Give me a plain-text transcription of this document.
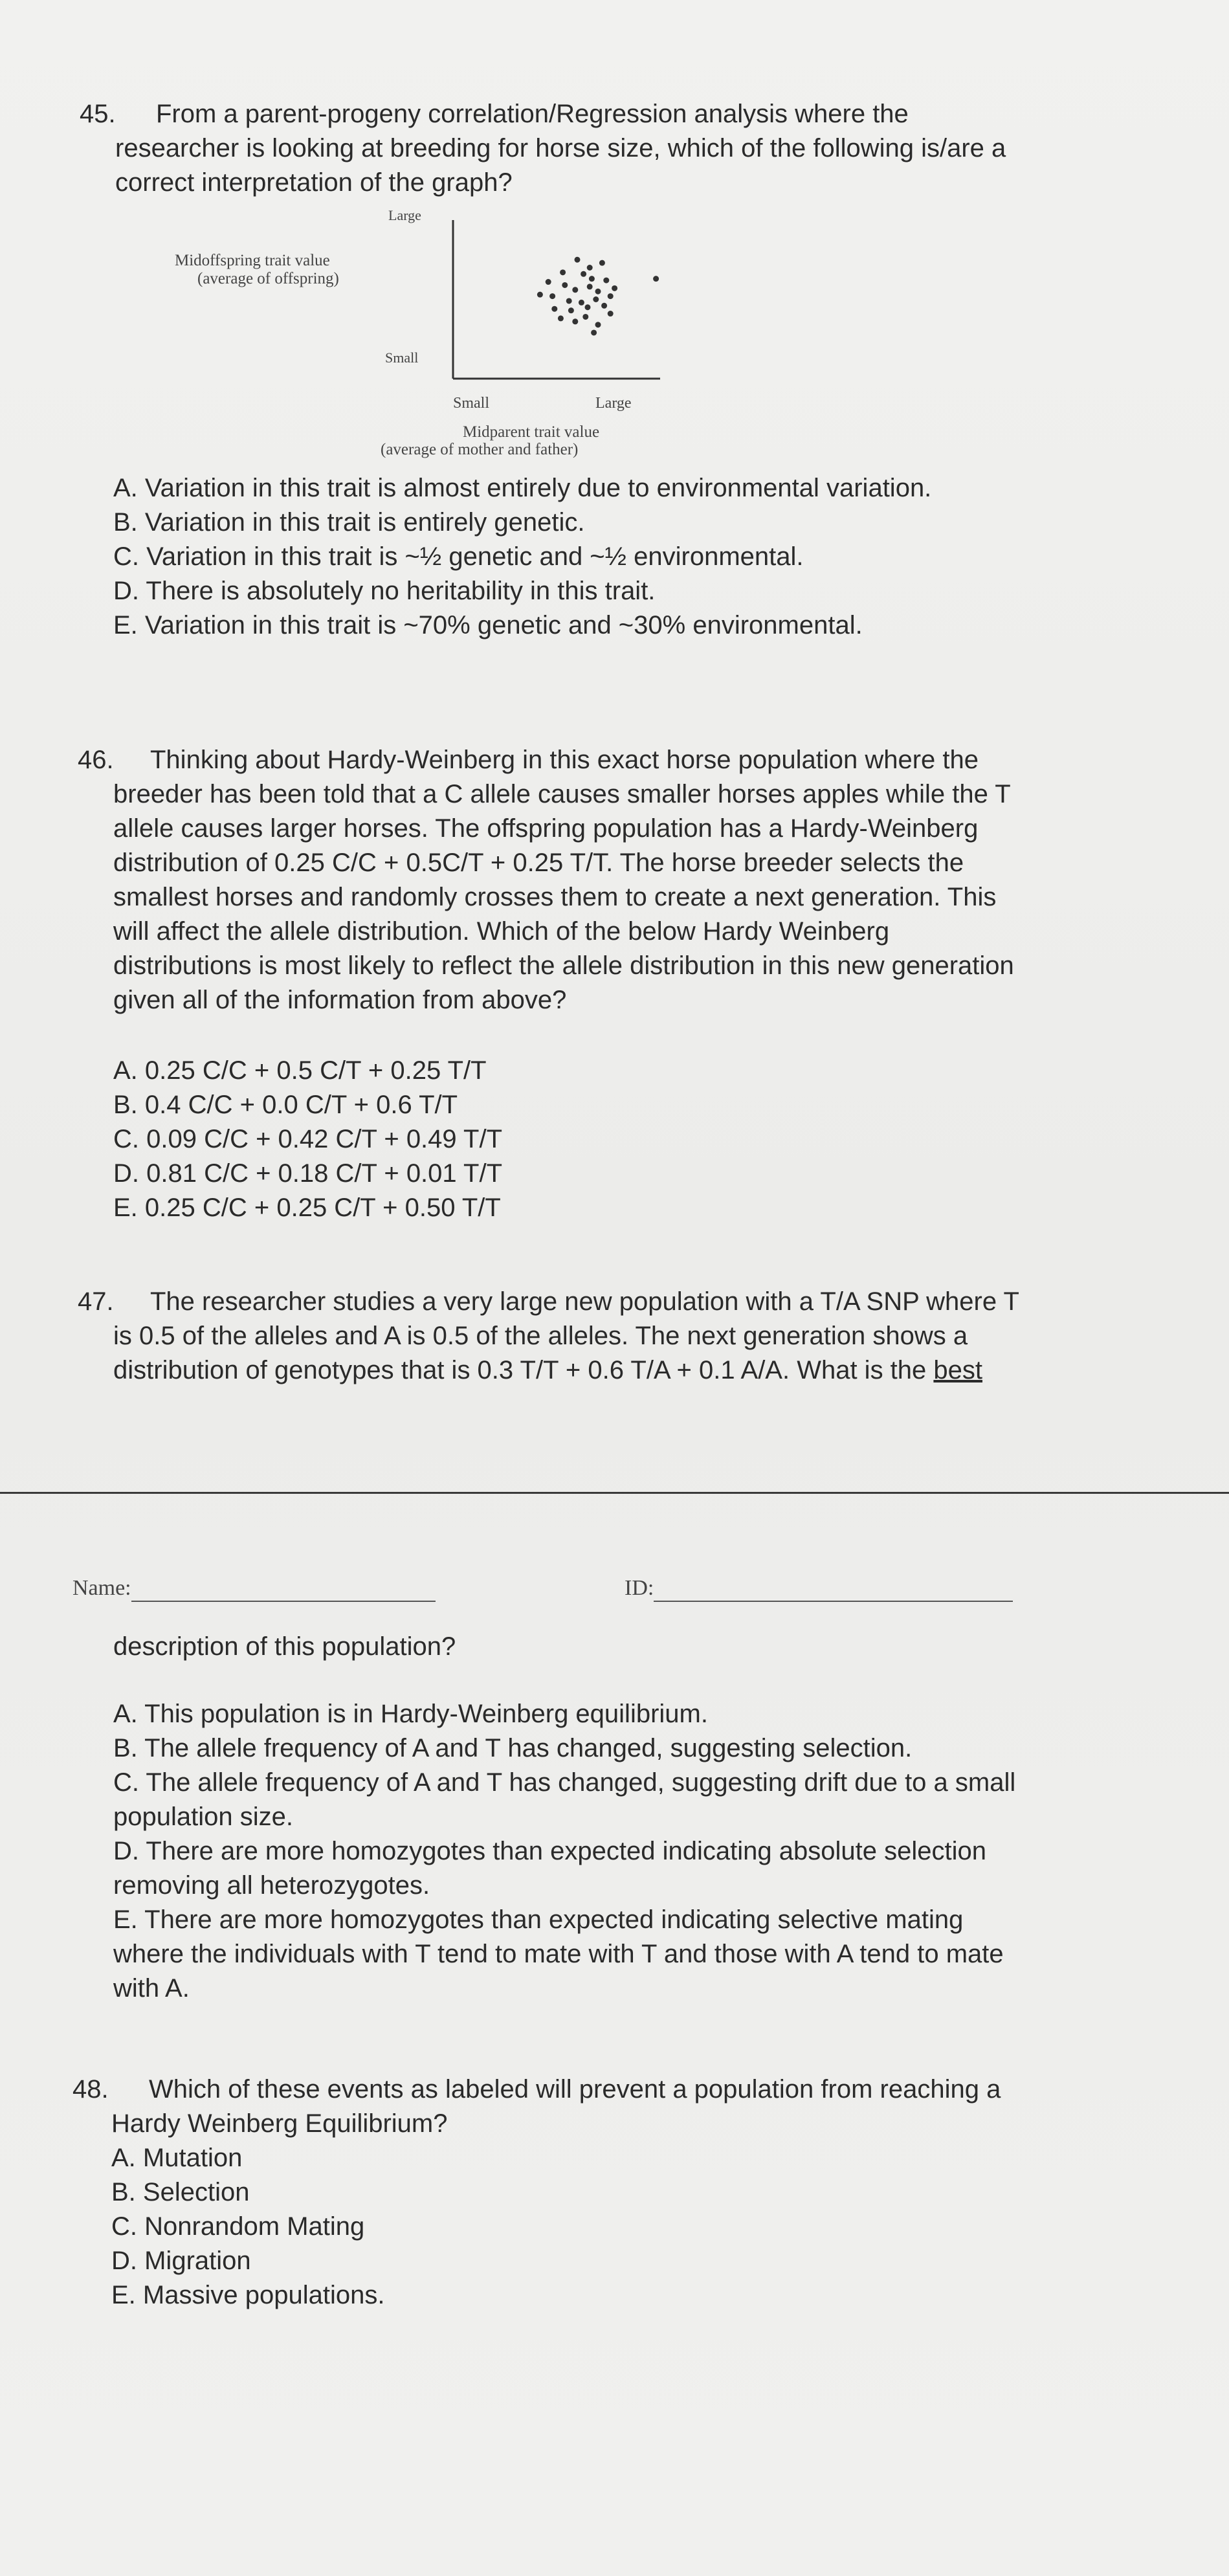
45.	From a parent-progeny correlation/Regression analysis where the

researcher is looking at breeding for horse size, which of the following is/are a

correct interpretation of the graph?

Large
Midoffspring trait value
(average of offspring)
Small
Small	Large
Midparent trait value
(average of mother and father)

A. Variation in this trait is almost entirely due to environmental variation.

B. Variation in this trait is entirely genetic.

C. Variation in this trait is ~½ genetic and ~½ environmental.

D. There is absolutely no heritability in this trait.

E. Variation in this trait is ~70% genetic and ~30% environmental.

46.	Thinking about Hardy-Weinberg in this exact horse population where the

breeder has been told that a C allele causes smaller horses apples while the T

allele causes larger horses. The offspring population has a Hardy-Weinberg

distribution of 0.25 C/C + 0.5C/T + 0.25 T/T. The horse breeder selects the

smallest horses and randomly crosses them to create a next generation. This

will affect the allele distribution. Which of the below Hardy Weinberg

distributions is most likely to reflect the allele distribution in this new generation

given all of the information from above?

A. 0.25 C/C + 0.5 C/T + 0.25 T/T

B. 0.4 C/C + 0.0 C/T + 0.6 T/T

C. 0.09 C/C + 0.42 C/T + 0.49 T/T

D. 0.81 C/C + 0.18 C/T + 0.01 T/T

E. 0.25 C/C + 0.25 C/T + 0.50 T/T

47.	The researcher studies a very large new population with a T/A SNP where T

is 0.5 of the alleles and A is 0.5 of the alleles. The next generation shows a

distribution of genotypes that is 0.3 T/T + 0.6 T/A + 0.1 A/A. What is the best

Name:	ID:

description of this population?

A. This population is in Hardy-Weinberg equilibrium.

B. The allele frequency of A and T has changed, suggesting selection.

C. The allele frequency of A and T has changed, suggesting drift due to a small

population size.

D. There are more homozygotes than expected indicating absolute selection

removing all heterozygotes.

E. There are more homozygotes than expected indicating selective mating

where the individuals with T tend to mate with T and those with A tend to mate

with A.

48.	Which of these events as labeled will prevent a population from reaching a

Hardy Weinberg Equilibrium?

A. Mutation

B. Selection

C. Nonrandom Mating

D. Migration

E. Massive populations.
